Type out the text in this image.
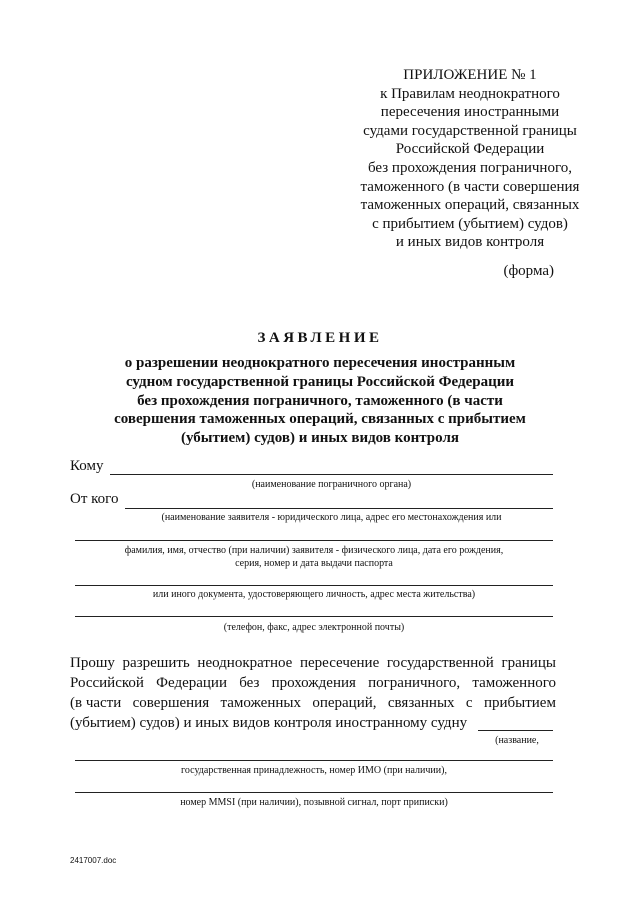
ПРИЛОЖЕНИЕ № 1
к Правилам неоднократного
пересечения иностранными
судами государственной границы
Российской Федерации
без прохождения пограничного,
таможенного (в части совершения
таможенных операций, связанных
с прибытием (убытием) судов)
и иных видов контроля
(форма)
ЗАЯВЛЕНИЕ
о разрешении неоднократного пересечения иностранным
судном государственной границы Российской Федерации
без прохождения пограничного, таможенного (в части
совершения таможенных операций, связанных с прибытием
(убытием) судов) и иных видов контроля
Кому
(наименование пограничного органа)
От кого
(наименование заявителя - юридического лица, адрес его местонахождения или
фамилия, имя, отчество (при наличии) заявителя - физического лица, дата его рождения,
серия, номер и дата выдачи паспорта
или иного документа, удостоверяющего личность, адрес места жительства)
(телефон, факс, адрес электронной почты)
Прошу разрешить неоднократное пересечение государственной границы
Российской Федерации без прохождения пограничного, таможенного
(в части совершения таможенных операций, связанных с прибытием
(убытием) судов) и иных видов контроля иностранному судну
(название,
государственная принадлежность, номер ИМО (при наличии),
номер MMSI (при наличии), позывной сигнал, порт приписки)
2417007.doc
